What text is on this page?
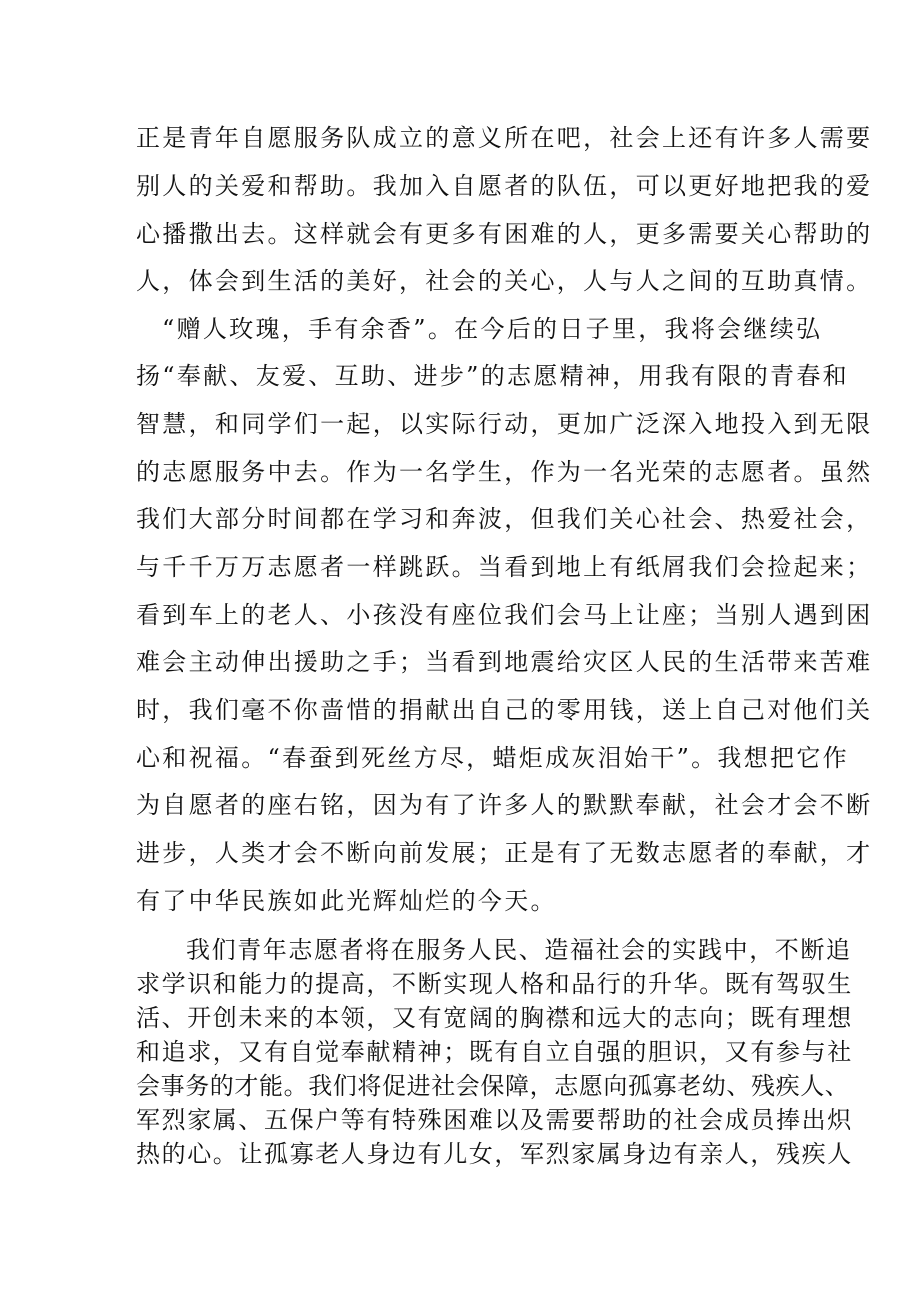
正是青年自愿服务队成立的意义所在吧，社会上还有许多人需要
别人的关爱和帮助。我加入自愿者的队伍，可以更好地把我的爱
心播撒出去。这样就会有更多有困难的人，更多需要关心帮助的
人，体会到生活的美好，社会的关心，人与人之间的互助真情。
“赠人玫瑰，手有余香”。在今后的日子里，我将会继续弘
扬“奉献、友爱、互助、进步”的志愿精神，用我有限的青春和
智慧，和同学们一起，以实际行动，更加广泛深入地投入到无限
的志愿服务中去。作为一名学生，作为一名光荣的志愿者。虽然
我们大部分时间都在学习和奔波，但我们关心社会、热爱社会，
与千千万万志愿者一样跳跃。当看到地上有纸屑我们会捡起来；
看到车上的老人、小孩没有座位我们会马上让座；当别人遇到困
难会主动伸出援助之手；当看到地震给灾区人民的生活带来苦难
时，我们毫不你啬惜的捐献出自己的零用钱，送上自己对他们关
心和祝福。“春蚕到死丝方尽，蜡炬成灰泪始干”。我想把它作
为自愿者的座右铭，因为有了许多人的默默奉献，社会才会不断
进步，人类才会不断向前发展；正是有了无数志愿者的奉献，才
有了中华民族如此光辉灿烂的今天。
我们青年志愿者将在服务人民、造福社会的实践中，不断追
求学识和能力的提高，不断实现人格和品行的升华。既有驾驭生
活、开创未来的本领，又有宽阔的胸襟和远大的志向；既有理想
和追求，又有自觉奉献精神；既有自立自强的胆识，又有参与社
会事务的才能。我们将促进社会保障，志愿向孤寡老幼、残疾人、
军烈家属、五保户等有特殊困难以及需要帮助的社会成员捧出炽
热的心。让孤寡老人身边有儿女，军烈家属身边有亲人，残疾人
